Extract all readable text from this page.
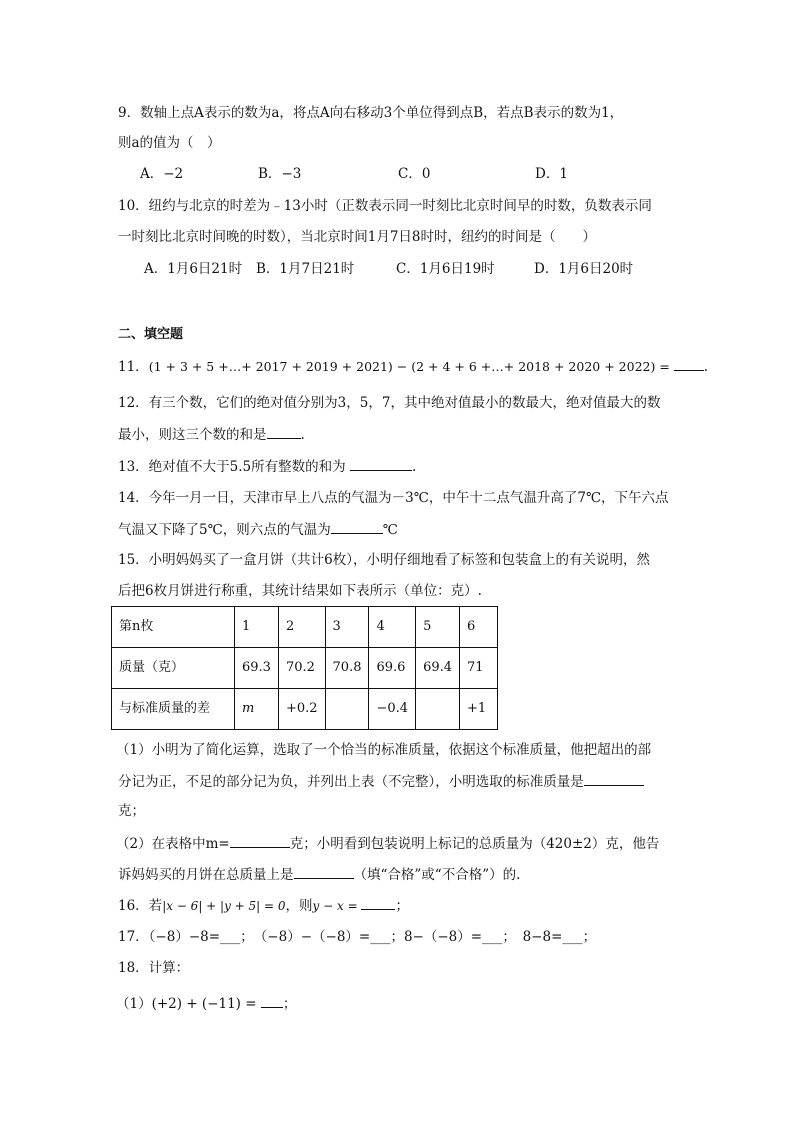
9．数轴上点A表示的数为a，将点A向右移动3个单位得到点B，若点B表示的数为1，
则a的值为（　）
A．−2	B．−3	C．0	D．1
10．纽约与北京的时差为﹣13小时（正数表示同一时刻比北京时间早的时数，负数表示同
一时刻比北京时间晚的时数），当北京时间1月7日8时时，纽约的时间是（　　）
A．1月6日21时 B．1月7日21时	C．1月6日19时	D．1月6日20时
二、填空题
11．(1 + 3 + 5 +…+ 2017 + 2019 + 2021) − (2 + 4 + 6 +…+ 2018 + 2020 + 2022) = .
12．有三个数，它们的绝对值分别为3，5，7，其中绝对值最小的数最大，绝对值最大的数
最小，则这三个数的和是	.
13．绝对值不大于5.5所有整数的和为	.
14．今年一月一日，天津市早上八点的气温为－3℃，中午十二点气温升高了7℃，下午六点
气温又下降了5℃，则六点的气温为	℃
15．小明妈妈买了一盒月饼（共计6枚），小明仔细地看了标签和包装盒上的有关说明，然
后把6枚月饼进行称重，其统计结果如下表所示（单位：克）.
第n枚	1	2	3	4	5	6
质量（克）	69.3	70.2	70.8	69.6	69.4	71
与标准质量的差	m	+0.2		−0.4		+1
（1）小明为了简化运算，选取了一个恰当的标准质量，依据这个标准质量，他把超出的部
分记为正，不足的部分记为负，并列出上表（不完整），小明选取的标准质量是
克；
（2）在表格中m=	克；小明看到包装说明上标记的总质量为（420±2）克，他告
诉妈妈买的月饼在总质量上是	（填“合格”或“不合格”）的.
16．若|x − 6| + |y + 5| = 0，则y − x =	；
17．（−8）−8=___；　（−8）−（−8）=___；8−（−8）=___；　8−8=___；
18．计算：
（1）(+2) + (−11) = ；
